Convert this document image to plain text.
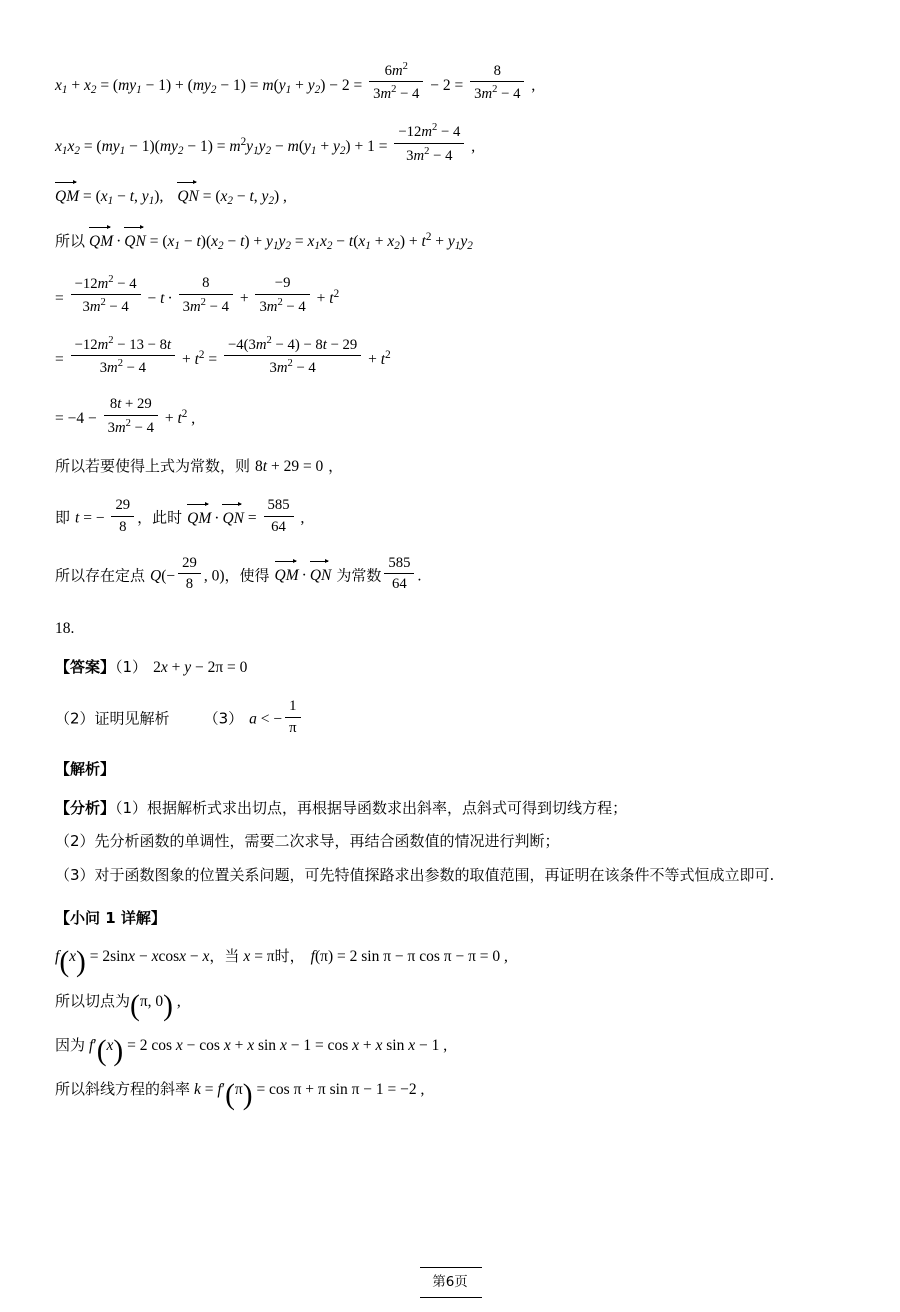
$x_1 + x_2 = (my_1 - 1) + (my_2 - 1) = m(y_1 + y_2) - 2 = \frac{6m^2}{3m^2 - 4} - 2 = \frac{8}{3m^2 - 4}$ ,
$x_1x_2 = (my_1 - 1)(my_2 - 1) = m^2y_1y_2 - m(y_1 + y_2) + 1 = \frac{-12m^2 - 4}{3m^2 - 4}$ ,
QM = ($x_1 - t$, $y_1$), QN = ($x_2 - t$, $y_2$) ,
所以 QM · QN = $(x_1 - t)(x_2 - t) + y_1y_2 = x_1x_2 - t(x_1 + x_2) + t^2 + y_1y_2$
= $\frac{-12m^2 - 4}{3m^2 - 4} - t \cdot \frac{8}{3m^2 - 4} + \frac{-9}{3m^2 - 4} + t^2$
= $\frac{-12m^2 - 13 - 8t}{3m^2 - 4} + t^2 = \frac{-4(3m^2 - 4) - 8t - 29}{3m^2 - 4} + t^2$
= $-4 - \frac{8t + 29}{3m^2 - 4} + t^2$ ,
所以若要使得上式为常数，则 8t + 29 = 0 ，
即 t = − $\frac{29}{8}$ ，此时 QM · QN = $\frac{585}{64}$ ,
所以存在定点 $Q(- \frac{29}{8}$ , 0)，使得 QM · QN 为常数 $\frac{585}{64}$ .
18.
【答案】（1） 2x + y − 2π = 0
（2）证明见解析 （3） a < − $\frac{1}{\pi}$
【解析】
【分析】（1）根据解析式求出切点，再根据导函数求出斜率，点斜式可得到切线方程；
（2）先分析函数的单调性，需要二次求导，再结合函数值的情况进行判断；
（3）对于函数图象的位置关系问题，可先特值探路求出参数的取值范围，再证明在该条件不等式恒成立即可.
【小问 1 详解】
f(x) = 2sinx − xcosx − x，当 x = π时， f(π) = 2 sin π − π cos π − π = 0 ,
所以切点为(π, 0) ,
因为 f′(x) = 2 cos x − cos x + x sin x − 1 = cos x + x sin x − 1 ,
所以斜线方程的斜率 k = f′(π) = cos π + π sin π − 1 = −2 ,
第6页
